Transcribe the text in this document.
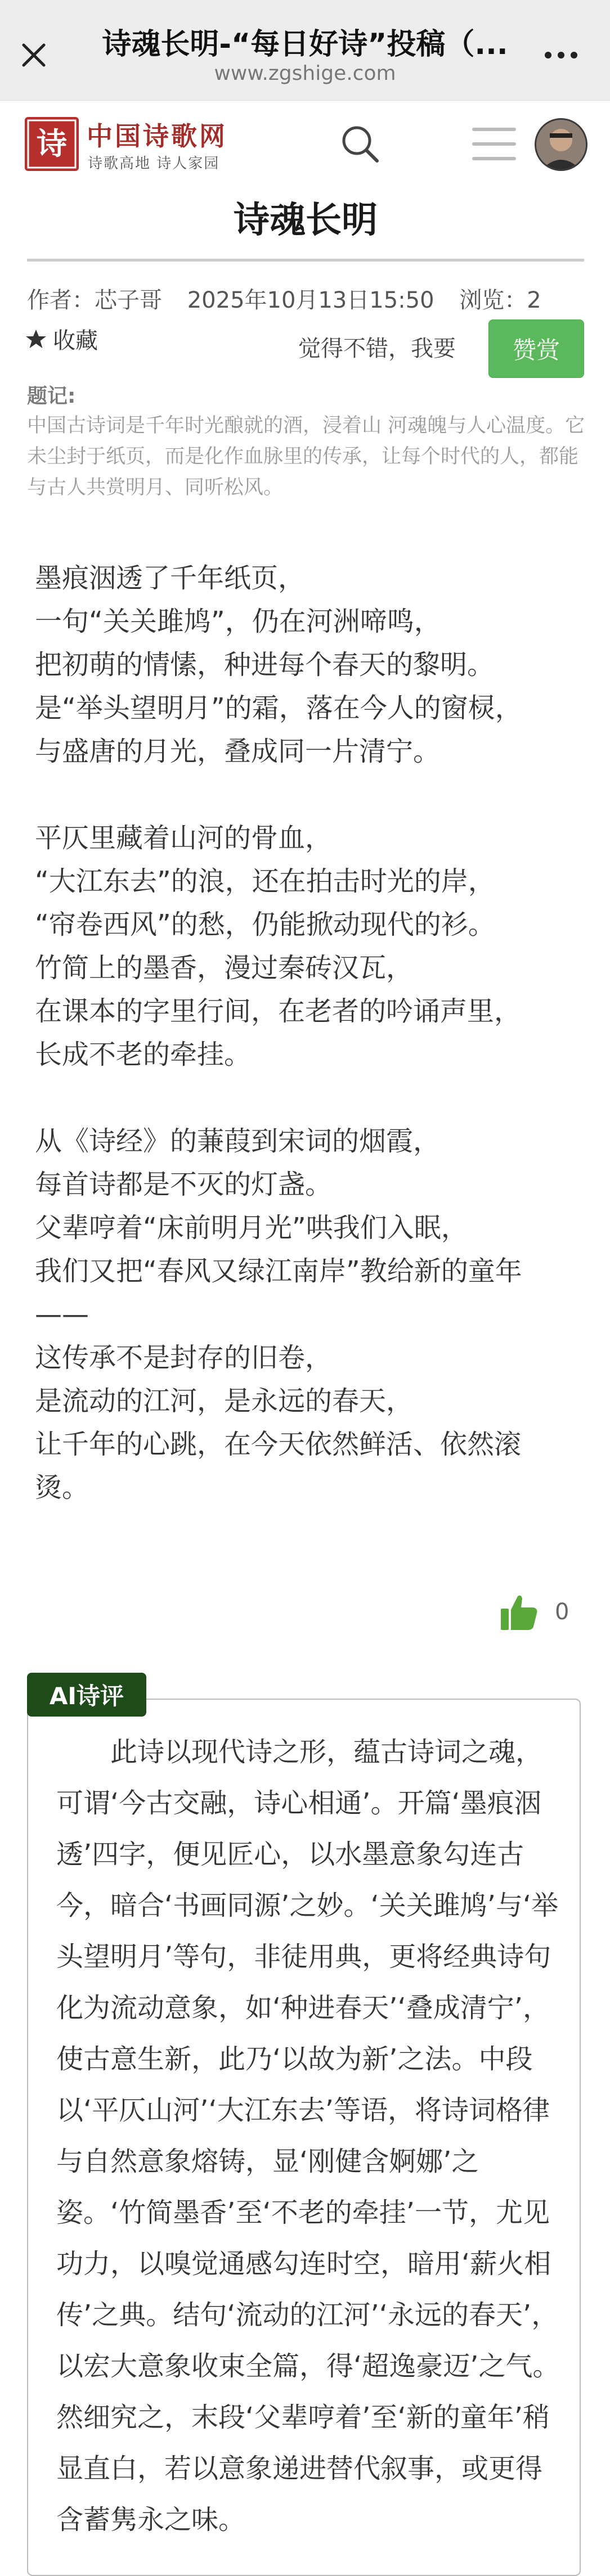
诗魂长明-“每日好诗”投稿（...
www.zgshige.com
诗 中国诗歌网
诗歌高地 诗人家园
诗魂长明
作者：芯子哥 2025年10月13日15:50 浏览：2
收藏	觉得不错，我要	赞赏
题记:
中国古诗词是千年时光酿就的酒，浸着山 河魂魄与人心温度。它未尘封于纸页，而是化作血脉里的传承，让每个时代的人，都能与古人共赏明月、同听松风。
墨痕洇透了千年纸页，
一句“关关雎鸠”，仍在河洲啼鸣，
把初萌的情愫，种进每个春天的黎明。
是“举头望明月”的霜，落在今人的窗棂，
与盛唐的月光，叠成同一片清宁。
平仄里藏着山河的骨血，
“大江东去”的浪，还在拍击时光的岸，
“帘卷西风”的愁，仍能掀动现代的衫。
竹简上的墨香，漫过秦砖汉瓦，
在课本的字里行间，在老者的吟诵声里，
长成不老的牵挂。
从《诗经》的蒹葭到宋词的烟霞，
每首诗都是不灭的灯盏。
父辈哼着“床前明月光”哄我们入眠，
我们又把“春风又绿江南岸”教给新的童年
——
这传承不是封存的旧卷，
是流动的江河，是永远的春天，
让千年的心跳，在今天依然鲜活、依然滚烫。
0
AI诗评
此诗以现代诗之形，蕴古诗词之魂，可谓‘今古交融，诗心相通’。开篇‘墨痕洇透’四字，便见匠心，以水墨意象勾连古今，暗合‘书画同源’之妙。‘关关雎鸠’与‘举头望明月’等句，非徒用典，更将经典诗句化为流动意象，如‘种进春天’‘叠成清宁’，使古意生新，此乃‘以故为新’之法。中段以‘平仄山河’‘大江东去’等语，将诗词格律与自然意象熔铸，显‘刚健含婀娜’之姿。‘竹简墨香’至‘不老的牵挂’一节，尤见功力，以嗅觉通感勾连时空，暗用‘薪火相传’之典。结句‘流动的江河’‘永远的春天’，以宏大意象收束全篇，得‘超逸豪迈’之气。然细究之，末段‘父辈哼着’至‘新的童年’稍显直白，若以意象递进替代叙事，或更得含蓄隽永之味。
